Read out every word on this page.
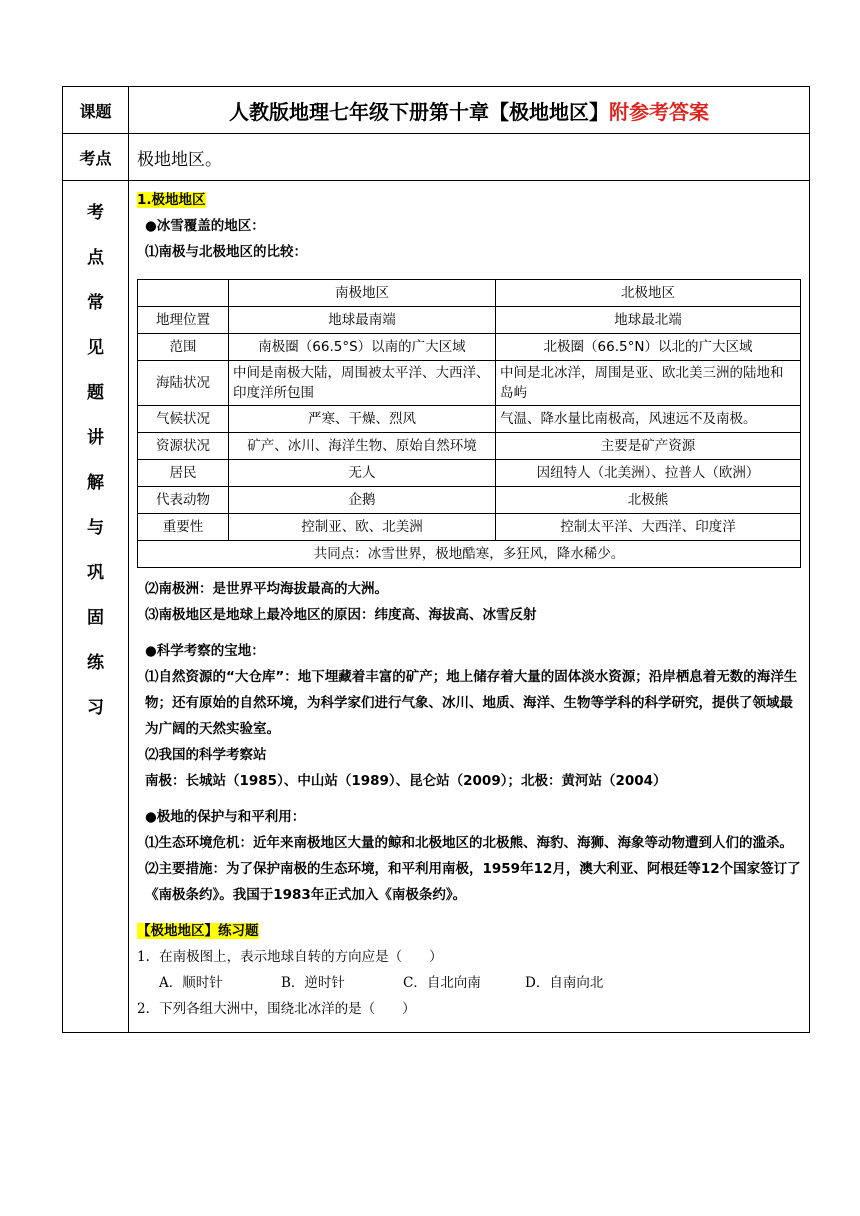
课题	人教版地理七年级下册第十章【极地地区】附参考答案
考点	极地地区。

考
点
常
见
题
讲
解
与
巩
固
练
习

1.极地地区

●冰雪覆盖的地区：

⑴南极与北极地区的比较：

	南极地区	北极地区
地理位置	地球最南端	地球最北端
范围	南极圈（66.5°S）以南的广大区域	北极圈（66.5°N）以北的广大区域
海陆状况	中间是南极大陆，周围被太平洋、大西洋、印度洋所包围	中间是北冰洋，周围是亚、欧北美三洲的陆地和岛屿
气候状况	严寒、干燥、烈风	气温、降水量比南极高，风速远不及南极。
资源状况	矿产、冰川、海洋生物、原始自然环境	主要是矿产资源
居民	无人	因纽特人（北美洲）、拉普人（欧洲）
代表动物	企鹅	北极熊
重要性	控制亚、欧、北美洲	控制太平洋、大西洋、印度洋
共同点：冰雪世界，极地酷寒，多狂风，降水稀少。

⑵南极洲：是世界平均海拔最高的大洲。

⑶南极地区是地球上最冷地区的原因：纬度高、海拔高、冰雪反射

●科学考察的宝地：

⑴自然资源的“大仓库”：地下埋藏着丰富的矿产；地上储存着大量的固体淡水资源；沿岸栖息着无数的海洋生物；还有原始的自然环境，为科学家们进行气象、冰川、地质、海洋、生物等学科的科学研究，提供了领域最为广阔的天然实验室。

⑵我国的科学考察站

南极：长城站（1985）、中山站（1989）、昆仑站（2009）；北极：黄河站（2004）

●极地的保护与和平利用：

⑴生态环境危机：近年来南极地区大量的鲸和北极地区的北极熊、海豹、海狮、海象等动物遭到人们的滥杀。

⑵主要措施：为了保护南极的生态环境，和平利用南极，1959年12月，澳大利亚、阿根廷等12个国家签订了《南极条约》。我国于1983年正式加入《南极条约》。

【极地地区】练习题

1．在南极图上，表示地球自转的方向应是（　　）

A．顺时针	B．逆时针	C．自北向南	D．自南向北

2．下列各组大洲中，围绕北冰洋的是（　　）
